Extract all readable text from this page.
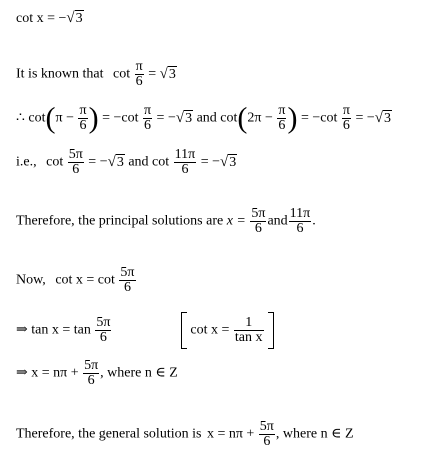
cot x = −√3
It is known that $\cot \frac{\pi}{6} = √3$
∴ $\cot(\pi - \frac{\pi}{6}$ ) = $-\cot \frac{\pi}{6} = -√3$ and $\cot(2\pi - \frac{\pi}{6}$ ) = $-\cot \frac{\pi}{6} = -√3$
i.e., $\cot \frac{5\pi}{6} = -√3$ and $\cot \frac{11\pi}{6} = -√3$
Therefore, the principal solutions are $x = \frac{5\pi}{6}$ and $\frac{11\pi}{6}$ .
Now, $\cot x = \cot \frac{5\pi}{6}$
⇒ $\tan x = \tan \frac{5\pi}{6}$	$\cot x = \frac{1}{\text{tan x}}$
⇒ $x = n\pi + \frac{5\pi}{6}$ , where n ∈ Z
Therefore, the general solution is $x = n\pi + \frac{5\pi}{6}$ , where n ∈ Z
